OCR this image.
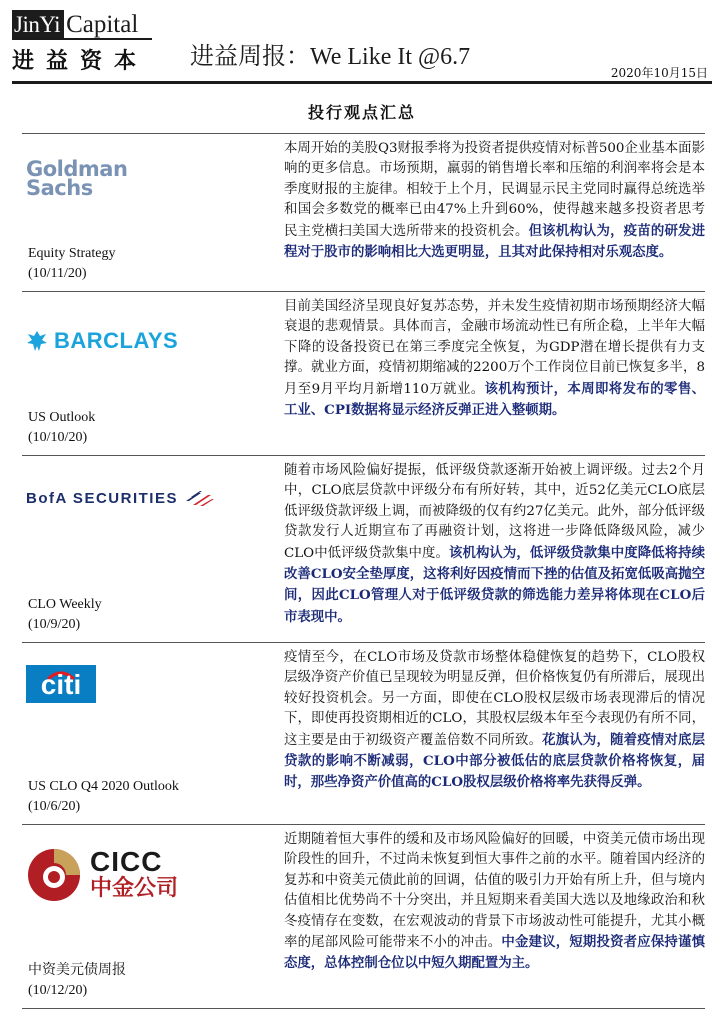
JinYi Capital
进益资本 进益周报：We Like It @6.7
2020年10月15日
投行观点汇总
Goldman
Sachs
Equity Strategy
(10/11/20)
本周开始的美股Q3财报季将为投资者提供疫情对标普500企业基本面影响的更多信息。市场预期，羸弱的销售增长率和压缩的利润率将会是本季度财报的主旋律。相较于上个月，民调显示民主党同时赢得总统选举和国会多数党的概率已由47%上升到60%，使得越来越多投资者思考民主党横扫美国大选所带来的投资机会。但该机构认为，疫苗的研发进程对于股市的影响相比大选更明显，且其对此保持相对乐观态度。
BARCLAYS
US Outlook
(10/10/20)
目前美国经济呈现良好复苏态势，并未发生疫情初期市场预期经济大幅衰退的悲观情景。具体而言，金融市场流动性已有所企稳，上半年大幅下降的设备投资已在第三季度完全恢复，为GDP潜在增长提供有力支撑。就业方面，疫情初期缩减的2200万个工作岗位目前已恢复多半，8月至9月平均月新增110万就业。该机构预计，本周即将发布的零售、工业、CPI数据将显示经济反弹正进入整顿期。
BofA SECURITIES
CLO Weekly
(10/9/20)
随着市场风险偏好提振，低评级贷款逐渐开始被上调评级。过去2个月中，CLO底层贷款中评级分布有所好转，其中，近52亿美元CLO底层低评级贷款评级上调，而被降级的仅有约27亿美元。此外，部分低评级贷款发行人近期宣布了再融资计划，这将进一步降低降级风险，减少CLO中低评级贷款集中度。该机构认为，低评级贷款集中度降低将持续改善CLO安全垫厚度，这将利好因疫情而下挫的估值及拓宽低吸高抛空间，因此CLO管理人对于低评级贷款的筛选能力差异将体现在CLO后市表现中。
citi
US CLO Q4 2020 Outlook
(10/6/20)
疫情至今，在CLO市场及贷款市场整体稳健恢复的趋势下，CLO股权层级净资产价值已呈现较为明显反弹，但价格恢复仍有所滞后，展现出较好投资机会。另一方面，即使在CLO股权层级市场表现滞后的情况下，即使再投资期相近的CLO，其股权层级本年至今表现仍有所不同，这主要是由于初级资产覆盖倍数不同所致。花旗认为，随着疫情对底层贷款的影响不断减弱，CLO中部分被低估的底层贷款价格将恢复，届时，那些净资产价值高的CLO股权层级价格将率先获得反弹。
CICC
中金公司
中资美元债周报
(10/12/20)
近期随着恒大事件的缓和及市场风险偏好的回暖，中资美元债市场出现阶段性的回升，不过尚未恢复到恒大事件之前的水平。随着国内经济的复苏和中资美元债此前的回调，估值的吸引力开始有所上升，但与境内估值相比优势尚不十分突出，并且短期来看美国大选以及地缘政治和秋冬疫情存在变数，在宏观波动的背景下市场波动性可能提升，尤其小概率的尾部风险可能带来不小的冲击。中金建议，短期投资者应保持谨慎态度，总体控制仓位以中短久期配置为主。
